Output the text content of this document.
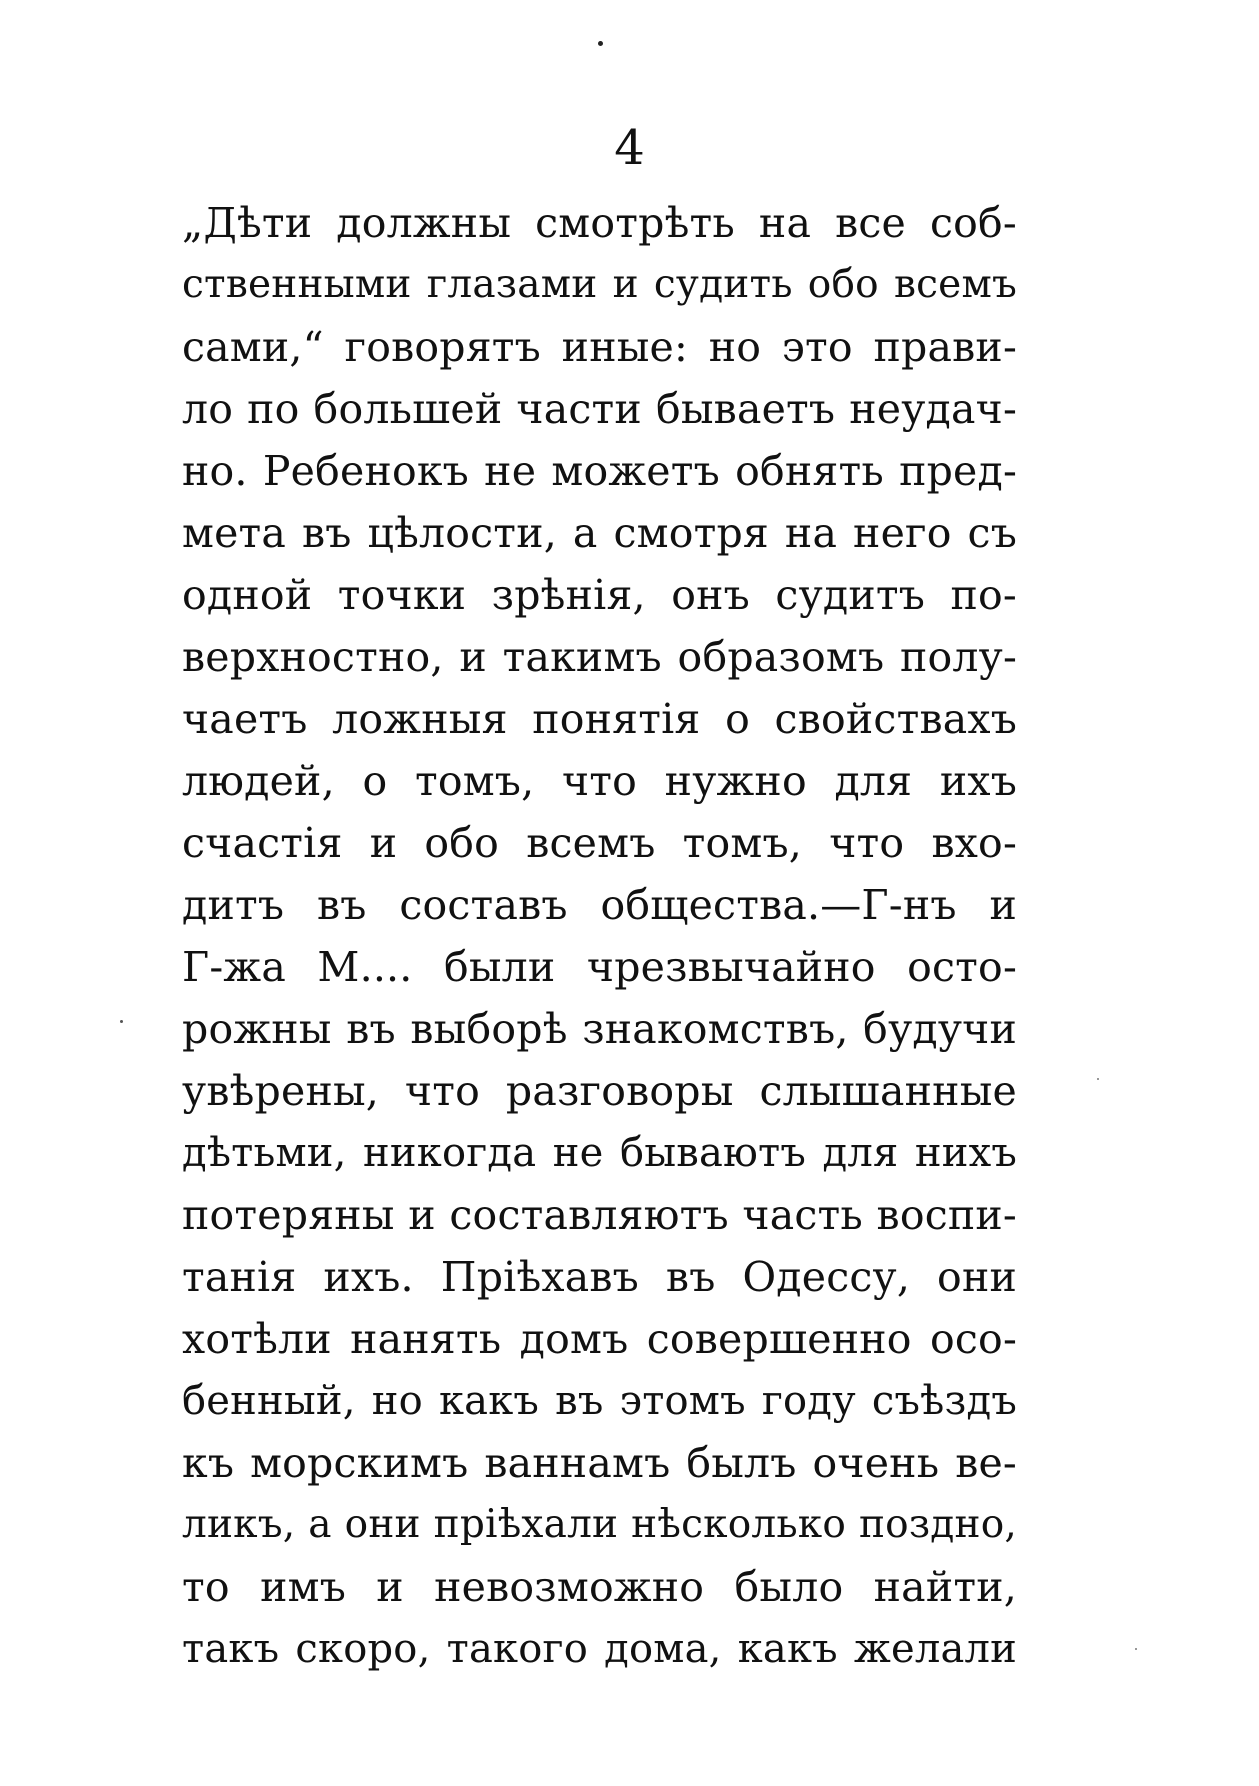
4
„Дѣти должны смотрѣть на все соб-
ственными глазами и судить обо всемъ
сами,“ говорятъ иные: но это прави-
ло по большей части бываетъ неудач-
но. Ребенокъ не можетъ обнять пред-
мета въ цѣлости, а смотря на него съ
одной точки зрѣнія, онъ судитъ по-
верхностно, и такимъ образомъ полу-
чаетъ ложныя понятія о свойствахъ
людей, о томъ, что нужно для ихъ
счастія и обо всемъ томъ, что вхо-
дитъ въ составъ общества.—Г-нъ и
Г-жа М.... были чрезвычайно осто-
рожны въ выборѣ знакомствъ, будучи
увѣрены, что разговоры слышанные
дѣтьми, никогда не бываютъ для нихъ
потеряны и составляютъ часть воспи-
танія ихъ. Пріѣхавъ въ Одессу, они
хотѣли нанять домъ совершенно осо-
бенный, но какъ въ этомъ году съѣздъ
къ морскимъ ваннамъ былъ очень ве-
ликъ, а они пріѣхали нѣсколько поздно,
то имъ и невозможно было найти,
такъ скоро, такого дома, какъ желали
